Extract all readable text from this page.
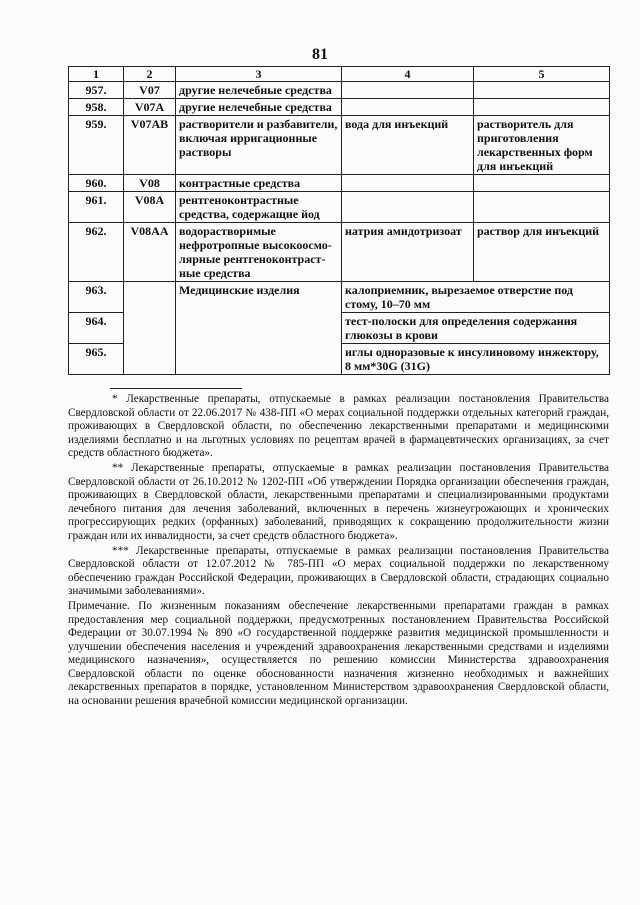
81
1	2	3	4	5
957.	V07	другие нелечебные средства		
958.	V07A	другие нелечебные средства		
959.	V07AB	растворители и разбавители, включая ирригационные растворы	вода для инъекций	растворитель для приготовления лекарственных форм для инъекций
960.	V08	контрастные средства		
961.	V08A	рентгеноконтрастные средства, содержащие йод		
962.	V08AA	водорастворимые нефротропные высокоосмо-лярные рентгеноконтраст-ные средства	натрия амидотризоат	раствор для инъекций
963.		Медицинские изделия	калоприемник, вырезаемое отверстие под стому, 10–70 мм	
964.			тест-полоски для определения содержания глюкозы в крови	
965.			иглы одноразовые к инсулиновому инжектору, 8 мм*30G (31G)	

* Лекарственные препараты, отпускаемые в рамках реализации постановления Правительства Свердловской области от 22.06.2017 № 438-ПП «О мерах социальной поддержки отдельных категорий граждан, проживающих в Свердловской области, по обеспечению лекарственными препаратами и медицинскими изделиями бесплатно и на льготных условиях по рецептам врачей в фармацевтических организациях, за счет средств областного бюджета».

** Лекарственные препараты, отпускаемые в рамках реализации постановления Правительства Свердловской области от 26.10.2012 № 1202-ПП «Об утверждении Порядка организации обеспечения граждан, проживающих в Свердловской области, лекарственными препаратами и специализированными продуктами лечебного питания для лечения заболеваний, включенных в перечень жизнеугрожающих и хронических прогрессирующих редких (орфанных) заболеваний, приводящих к сокращению продолжительности жизни граждан или их инвалидности, за счет средств областного бюджета».

*** Лекарственные препараты, отпускаемые в рамках реализации постановления Правительства Свердловской области от 12.07.2012 № 785-ПП «О мерах социальной поддержки по лекарственному обеспечению граждан Российской Федерации, проживающих в Свердловской области, страдающих социально значимыми заболеваниями».

Примечание. По жизненным показаниям обеспечение лекарственными препаратами граждан в рамках предоставления мер социальной поддержки, предусмотренных постановлением Правительства Российской Федерации от 30.07.1994 № 890 «О государственной поддержке развития медицинской промышленности и улучшении обеспечения населения и учреждений здравоохранения лекарственными средствами и изделиями медицинского назначения», осуществляется по решению комиссии Министерства здравоохранения Свердловской области по оценке обоснованности назначения жизненно необходимых и важнейших лекарственных препаратов в порядке, установленном Министерством здравоохранения Свердловской области, на основании решения врачебной комиссии медицинской организации.
